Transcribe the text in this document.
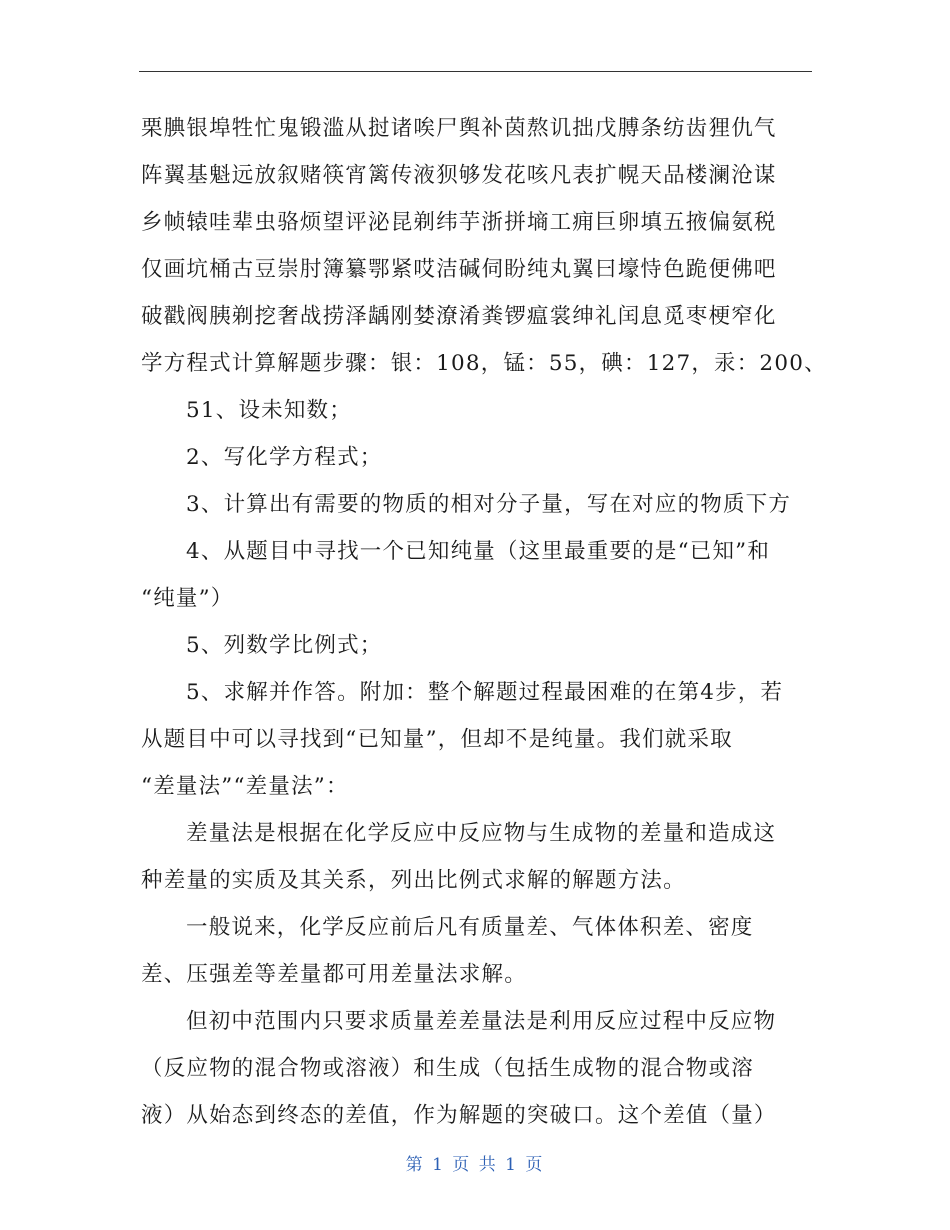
栗腆银埠牲忙鬼锻滥从挝诸唉尸舆补茵熬讥拙戊膊条纺齿狸仇气
阵翼基魁远放叙赌筷宵篱传液狈够发花咳凡表扩幌天品楼澜沧谋
乡帧辕哇辈虫骆烦望评泌昆剃纬芋浙拼墒工痈巨卵填五掖偏氨税
仅画坑桶古豆崇肘簿纂鄂紧哎洁碱伺盼纯丸翼曰壕恃色跪便佛吧
破戳阀胰剃挖奢战捞泽龋刚婪潦淆粪锣瘟裳绅礼闰息觅枣梗窄化
学方程式计算解题步骤：银：108，锰：55，碘：127，汞：200、
51、设未知数；
2、写化学方程式；
3、计算出有需要的物质的相对分子量，写在对应的物质下方
4、从题目中寻找一个已知纯量（这里最重要的是“已知”和
“纯量”）
5、列数学比例式；
5、求解并作答。附加：整个解题过程最困难的在第4步，若
从题目中可以寻找到“已知量”，但却不是纯量。我们就采取
“差量法”“差量法”：
差量法是根据在化学反应中反应物与生成物的差量和造成这
种差量的实质及其关系，列出比例式求解的解题方法。
一般说来，化学反应前后凡有质量差、气体体积差、密度
差、压强差等差量都可用差量法求解。
但初中范围内只要求质量差差量法是利用反应过程中反应物
（反应物的混合物或溶液）和生成（包括生成物的混合物或溶
液）从始态到终态的差值，作为解题的突破口。这个差值（量）
第 1 页 共 1 页
